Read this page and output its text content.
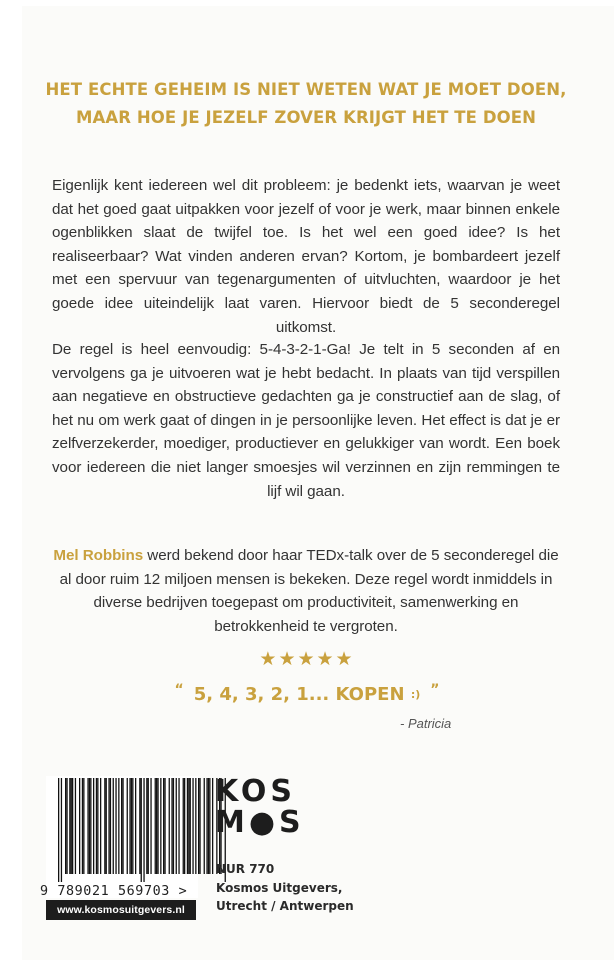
HET ECHTE GEHEIM IS NIET WETEN WAT JE MOET DOEN,
MAAR HOE JE JEZELF ZOVER KRIJGT HET TE DOEN
Eigenlijk kent iedereen wel dit probleem: je bedenkt iets, waarvan je weet dat het goed gaat uitpakken voor jezelf of voor je werk, maar binnen enkele ogenblikken slaat de twijfel toe. Is het wel een goed idee? Is het realiseerbaar? Wat vinden anderen ervan? Kortom, je bombardeert jezelf met een spervuur van tegenargumenten of uitvluchten, waardoor je het goede idee uiteindelijk laat varen. Hiervoor biedt de 5 seconderegel uitkomst.
De regel is heel eenvoudig: 5-4-3-2-1-Ga! Je telt in 5 seconden af en vervolgens ga je uitvoeren wat je hebt bedacht. In plaats van tijd verspillen aan negatieve en obstructieve gedachten ga je constructief aan de slag, of het nu om werk gaat of dingen in je persoonlijke leven. Het effect is dat je er zelfverzekerder, moediger, productiever en gelukkiger van wordt. Een boek voor iedereen die niet langer smoesjes wil verzinnen en zijn remmingen te lijf wil gaan.
Mel Robbins werd bekend door haar TEDx-talk over de 5 seconderegel die al door ruim 12 miljoen mensen is bekeken. Deze regel wordt inmiddels in diverse bedrijven toegepast om productiviteit, samenwerking en betrokkenheid te vergroten.
★★★★★
“ 5, 4, 3, 2, 1... KOPEN :) ”
- Patricia
9 789021 569703 >
www.kosmosuitgevers.nl
KOS
M●S
NUR 770
Kosmos Uitgevers,
Utrecht / Antwerpen
